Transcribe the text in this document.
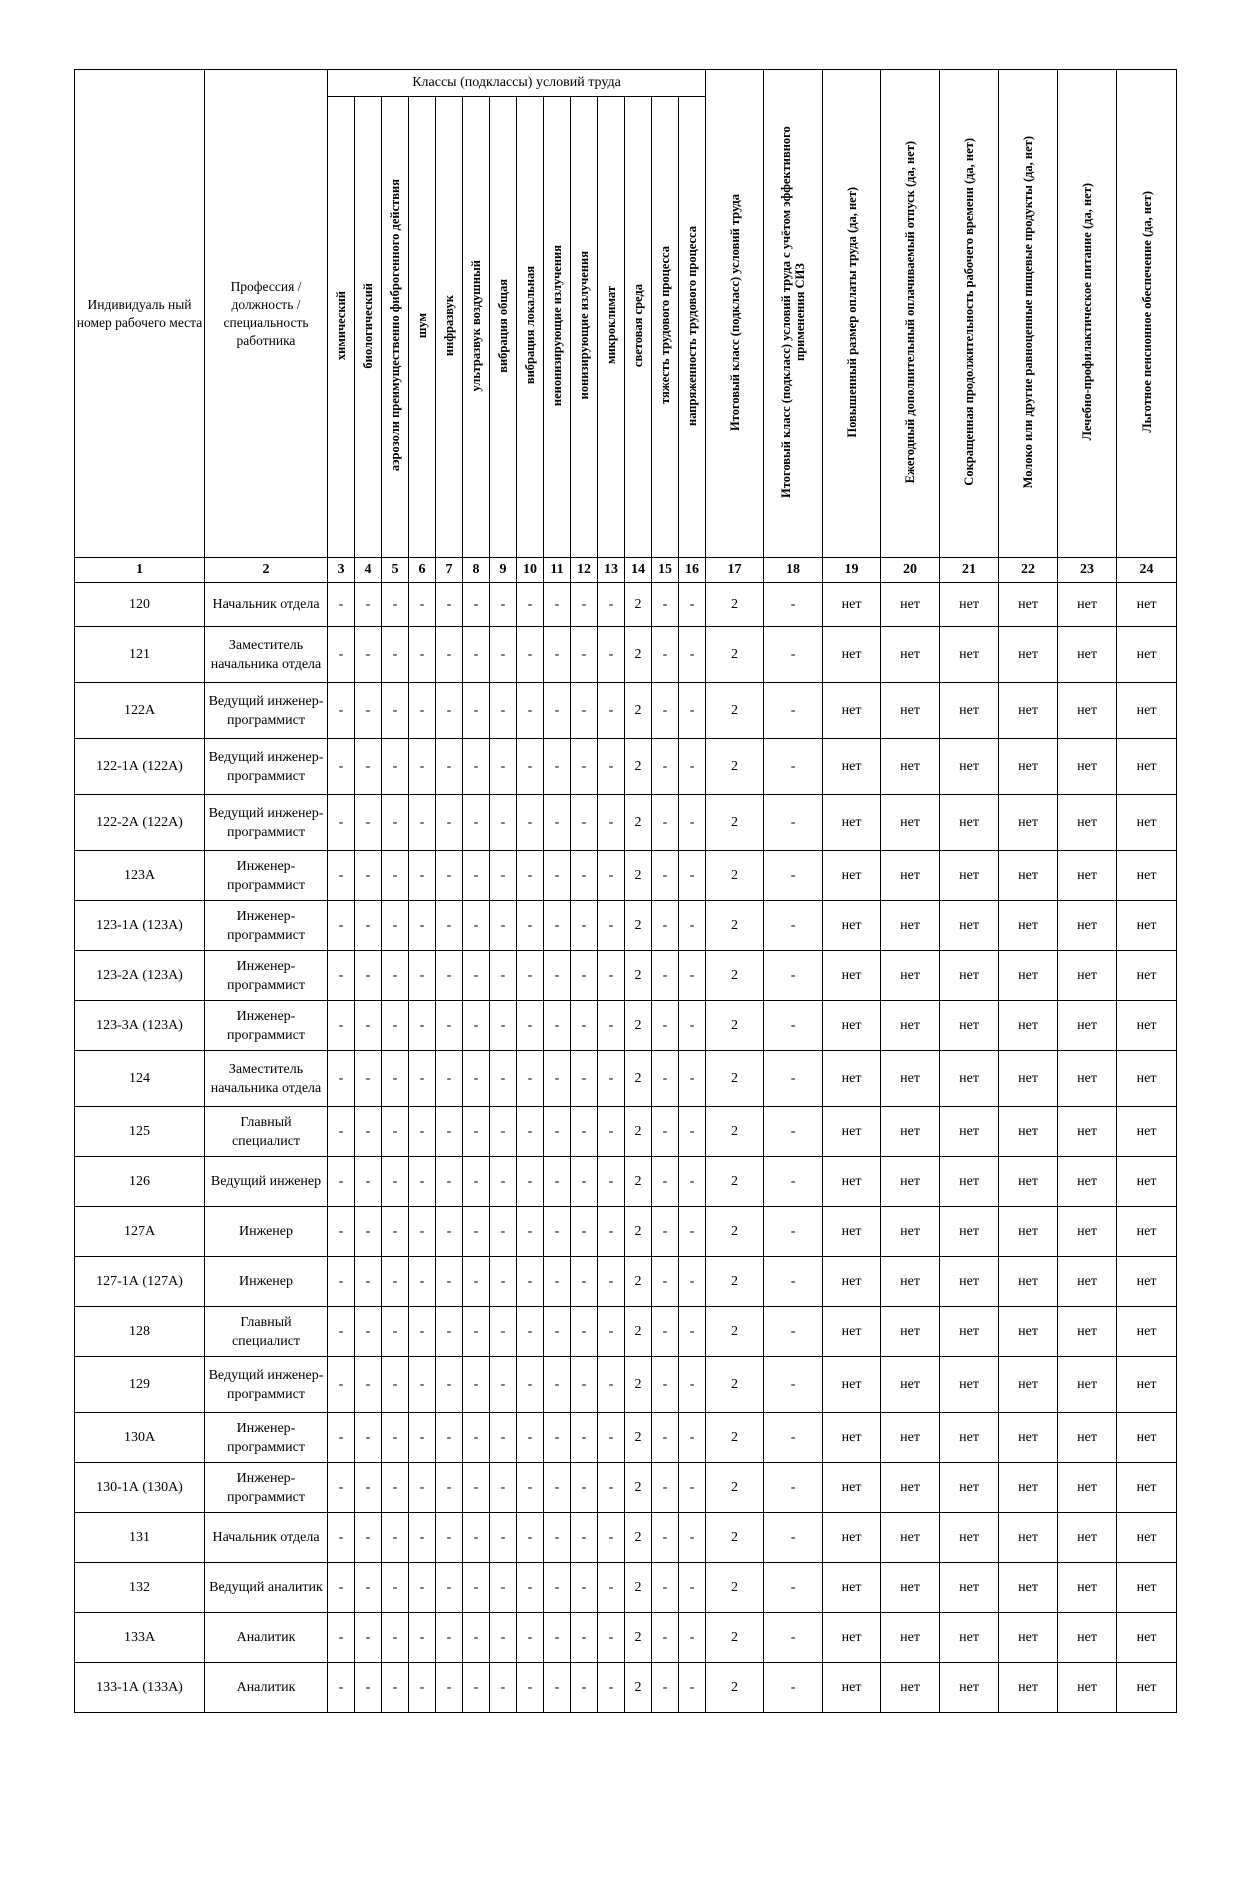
Индивидуаль ный номер рабочего места	Профессия / должность / специальность работника	Классы (подклассы) условий труда														Итоговый класс (подкласс) условий труда	Итоговый класс (подкласс) условий труда с учётом эффективного применения СИЗ	Повышенный размер оплаты труда (да, нет)	Ежегодный дополнительный оплачиваемый отпуск (да, нет)	Сокращенная продолжительность рабочего времени (да, нет)	Молоко или другие равноценные пищевые продукты (да, нет)	Лечебно-профилактическое питание (да, нет)	Льготное пенсионное обеспечение (да, нет)
		химический	биологический	аэрозоли преимущественно фиброгенного действия	шум	инфразвук	ультразвук воздушный	вибрация общая	вибрация локальная	неионизирующие излучения	ионизирующие излучения	микроклимат	световая среда	тяжесть трудового процесса	напряженность трудового процесса								
1	2	3	4	5	6	7	8	9	10	11	12	13	14	15	16	17	18	19	20	21	22	23	24
120	Начальник отдела	-	-	-	-	-	-	-	-	-	-	-	2	-	-	2	-	нет	нет	нет	нет	нет	нет
121	Заместитель начальника отдела	-	-	-	-	-	-	-	-	-	-	-	2	-	-	2	-	нет	нет	нет	нет	нет	нет
122А	Ведущий инженер-программист	-	-	-	-	-	-	-	-	-	-	-	2	-	-	2	-	нет	нет	нет	нет	нет	нет
122-1А (122А)	Ведущий инженер-программист	-	-	-	-	-	-	-	-	-	-	-	2	-	-	2	-	нет	нет	нет	нет	нет	нет
122-2А (122А)	Ведущий инженер-программист	-	-	-	-	-	-	-	-	-	-	-	2	-	-	2	-	нет	нет	нет	нет	нет	нет
123А	Инженер-программист	-	-	-	-	-	-	-	-	-	-	-	2	-	-	2	-	нет	нет	нет	нет	нет	нет
123-1А (123А)	Инженер-программист	-	-	-	-	-	-	-	-	-	-	-	2	-	-	2	-	нет	нет	нет	нет	нет	нет
123-2А (123А)	Инженер-программист	-	-	-	-	-	-	-	-	-	-	-	2	-	-	2	-	нет	нет	нет	нет	нет	нет
123-3А (123А)	Инженер-программист	-	-	-	-	-	-	-	-	-	-	-	2	-	-	2	-	нет	нет	нет	нет	нет	нет
124	Заместитель начальника отдела	-	-	-	-	-	-	-	-	-	-	-	2	-	-	2	-	нет	нет	нет	нет	нет	нет
125	Главный специалист	-	-	-	-	-	-	-	-	-	-	-	2	-	-	2	-	нет	нет	нет	нет	нет	нет
126	Ведущий инженер	-	-	-	-	-	-	-	-	-	-	-	2	-	-	2	-	нет	нет	нет	нет	нет	нет
127А	Инженер	-	-	-	-	-	-	-	-	-	-	-	2	-	-	2	-	нет	нет	нет	нет	нет	нет
127-1А (127А)	Инженер	-	-	-	-	-	-	-	-	-	-	-	2	-	-	2	-	нет	нет	нет	нет	нет	нет
128	Главный специалист	-	-	-	-	-	-	-	-	-	-	-	2	-	-	2	-	нет	нет	нет	нет	нет	нет
129	Ведущий инженер-программист	-	-	-	-	-	-	-	-	-	-	-	2	-	-	2	-	нет	нет	нет	нет	нет	нет
130А	Инженер-программист	-	-	-	-	-	-	-	-	-	-	-	2	-	-	2	-	нет	нет	нет	нет	нет	нет
130-1А (130А)	Инженер-программист	-	-	-	-	-	-	-	-	-	-	-	2	-	-	2	-	нет	нет	нет	нет	нет	нет
131	Начальник отдела	-	-	-	-	-	-	-	-	-	-	-	2	-	-	2	-	нет	нет	нет	нет	нет	нет
132	Ведущий аналитик	-	-	-	-	-	-	-	-	-	-	-	2	-	-	2	-	нет	нет	нет	нет	нет	нет
133А	Аналитик	-	-	-	-	-	-	-	-	-	-	-	2	-	-	2	-	нет	нет	нет	нет	нет	нет
133-1А (133А)	Аналитик	-	-	-	-	-	-	-	-	-	-	-	2	-	-	2	-	нет	нет	нет	нет	нет	нет
